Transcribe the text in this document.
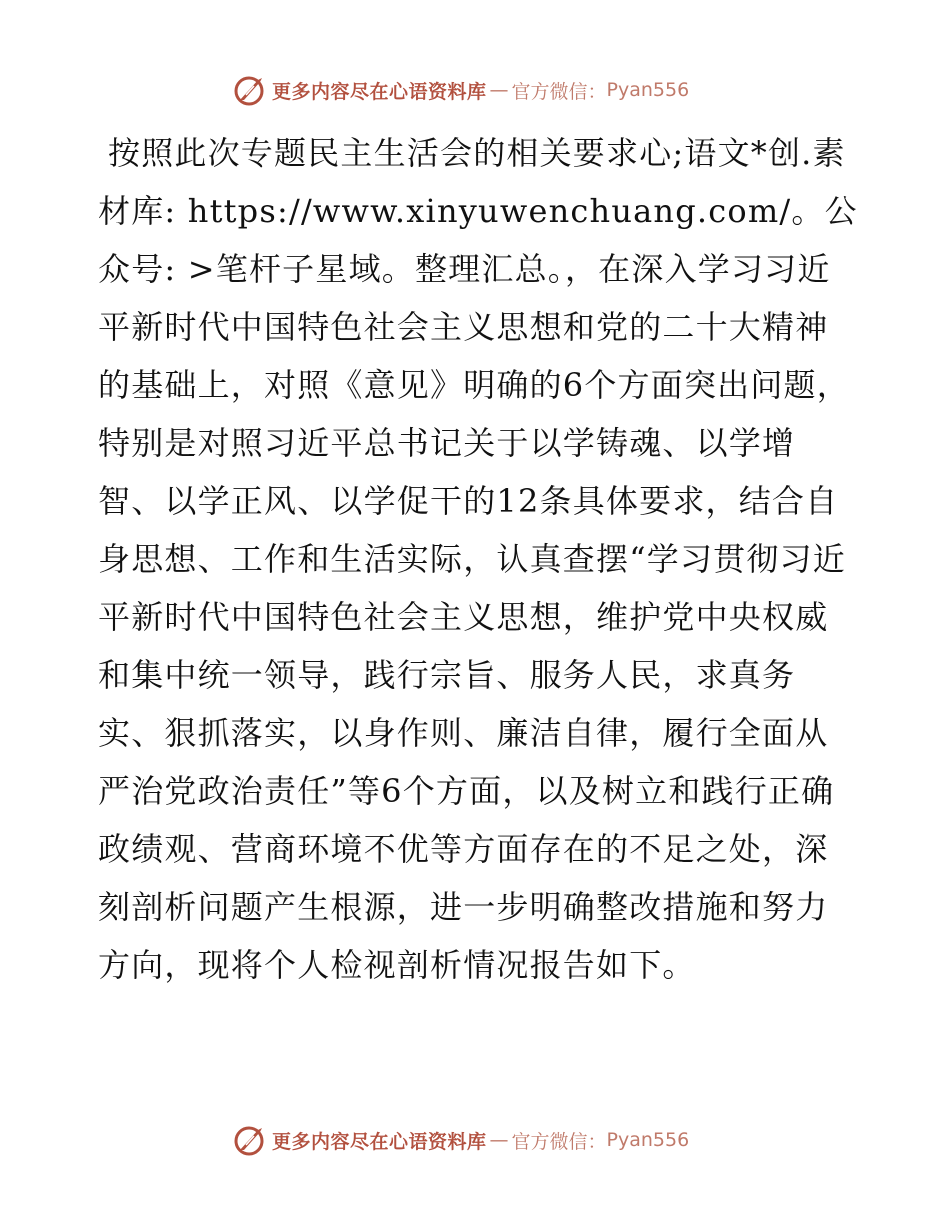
更多内容尽在心语资料库 — 官方微信： Pyan556

按照此次专题民主生活会的相关要求心;语文*创.素材库: https://www.xinyuwenchuang.com/。公众号: >笔杆子星域。整理汇总。，在深入学习习近平新时代中国特色社会主义思想和党的二十大精神的基础上，对照《意见》明确的6个方面突出问题，特别是对照习近平总书记关于以学铸魂、以学增智、以学正风、以学促干的12条具体要求，结合自身思想、工作和生活实际，认真查摆“学习贯彻习近平新时代中国特色社会主义思想，维护党中央权威和集中统一领导，践行宗旨、服务人民，求真务实、狠抓落实，以身作则、廉洁自律，履行全面从严治党政治责任”等6个方面，以及树立和践行正确政绩观、营商环境不优等方面存在的不足之处，深刻剖析问题产生根源，进一步明确整改措施和努力方向，现将个人检视剖析情况报告如下。

更多内容尽在心语资料库 — 官方微信： Pyan556
